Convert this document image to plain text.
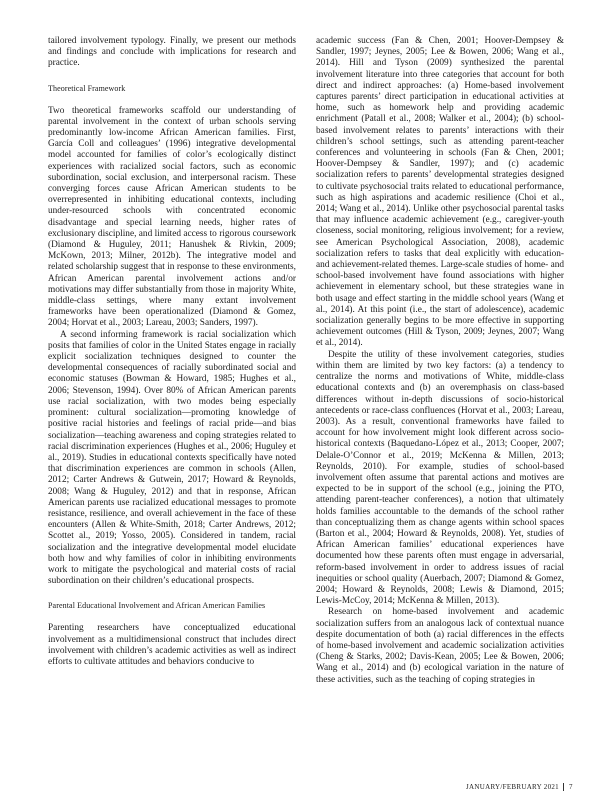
tailored involvement typology. Finally, we present our methods and findings and conclude with implications for research and practice.

Theoretical Framework

Two theoretical frameworks scaffold our understanding of parental involvement in the context of urban schools serving predominantly low-income African American families. First, García Coll and colleagues’ (1996) integrative developmental model accounted for families of color’s ecologically distinct experiences with racialized social factors, such as economic subordination, social exclusion, and interpersonal racism. These converging forces cause African American students to be overrepresented in inhibiting educational contexts, including under-resourced schools with concentrated economic disadvantage and special learning needs, higher rates of exclusionary discipline, and limited access to rigorous coursework (Diamond & Huguley, 2011; Hanushek & Rivkin, 2009; McKown, 2013; Milner, 2012b). The integrative model and related scholarship suggest that in response to these environments, African American parental involvement actions and/or motivations may differ substantially from those in majority White, middle-class settings, where many extant involvement frameworks have been operationalized (Diamond & Gomez, 2004; Horvat et al., 2003; Lareau, 2003; Sanders, 1997).

A second informing framework is racial socialization which posits that families of color in the United States engage in racially explicit socialization techniques designed to counter the developmental consequences of racially subordinated social and economic statuses (Bowman & Howard, 1985; Hughes et al., 2006; Stevenson, 1994). Over 80% of African American parents use racial socialization, with two modes being especially prominent: cultural socialization—promoting knowledge of positive racial histories and feelings of racial pride—and bias socialization—teaching awareness and coping strategies related to racial discrimination experiences (Hughes et al., 2006; Huguley et al., 2019). Studies in educational contexts specifically have noted that discrimination experiences are common in schools (Allen, 2012; Carter Andrews & Gutwein, 2017; Howard & Reynolds, 2008; Wang & Huguley, 2012) and that in response, African American parents use racialized educational messages to promote resistance, resilience, and overall achievement in the face of these encounters (Allen & White-Smith, 2018; Carter Andrews, 2012; Scottet al., 2019; Yosso, 2005). Considered in tandem, racial socialization and the integrative developmental model elucidate both how and why families of color in inhibiting environments work to mitigate the psychological and material costs of racial subordination on their children’s educational prospects.

Parental Educational Involvement and African American Families

Parenting researchers have conceptualized educational involvement as a multidimensional construct that includes direct involvement with children’s academic activities as well as indirect efforts to cultivate attitudes and behaviors conducive to

academic success (Fan & Chen, 2001; Hoover-Dempsey & Sandler, 1997; Jeynes, 2005; Lee & Bowen, 2006; Wang et al., 2014). Hill and Tyson (2009) synthesized the parental involvement literature into three categories that account for both direct and indirect approaches: (a) Home-based involvement captures parents’ direct participation in educational activities at home, such as homework help and providing academic enrichment (Patall et al., 2008; Walker et al., 2004); (b) school-based involvement relates to parents’ interactions with their children’s school settings, such as attending parent-teacher conferences and volunteering in schools (Fan & Chen, 2001; Hoover-Dempsey & Sandler, 1997); and (c) academic socialization refers to parents’ developmental strategies designed to cultivate psychosocial traits related to educational performance, such as high aspirations and academic resilience (Choi et al., 2014; Wang et al., 2014). Unlike other psychosocial parental tasks that may influence academic achievement (e.g., caregiver-youth closeness, social monitoring, religious involvement; for a review, see American Psychological Association, 2008), academic socialization refers to tasks that deal explicitly with education- and achievement-related themes. Large-scale studies of home- and school-based involvement have found associations with higher achievement in elementary school, but these strategies wane in both usage and effect starting in the middle school years (Wang et al., 2014). At this point (i.e., the start of adolescence), academic socialization generally begins to be more effective in supporting achievement outcomes (Hill & Tyson, 2009; Jeynes, 2007; Wang et al., 2014).

Despite the utility of these involvement categories, studies within them are limited by two key factors: (a) a tendency to centralize the norms and motivations of White, middle-class educational contexts and (b) an overemphasis on class-based differences without in-depth discussions of socio-historical antecedents or race-class confluences (Horvat et al., 2003; Lareau, 2003). As a result, conventional frameworks have failed to account for how involvement might look different across socio-historical contexts (Baquedano-López et al., 2013; Cooper, 2007; Delale-O’Connor et al., 2019; McKenna & Millen, 2013; Reynolds, 2010). For example, studies of school-based involvement often assume that parental actions and motives are expected to be in support of the school (e.g., joining the PTO, attending parent-teacher conferences), a notion that ultimately holds families accountable to the demands of the school rather than conceptualizing them as change agents within school spaces (Barton et al., 2004; Howard & Reynolds, 2008). Yet, studies of African American families’ educational experiences have documented how these parents often must engage in adversarial, reform-based involvement in order to address issues of racial inequities or school quality (Auerbach, 2007; Diamond & Gomez, 2004; Howard & Reynolds, 2008; Lewis & Diamond, 2015; Lewis-McCoy, 2014; McKenna & Millen, 2013).

Research on home-based involvement and academic socialization suffers from an analogous lack of contextual nuance despite documentation of both (a) racial differences in the effects of home-based involvement and academic socialization activities (Cheng & Starks, 2002; Davis-Kean, 2005; Lee & Bowen, 2006; Wang et al., 2014) and (b) ecological variation in the nature of these activities, such as the teaching of coping strategies in

JANUARY/FEBRUARY 2021 7
